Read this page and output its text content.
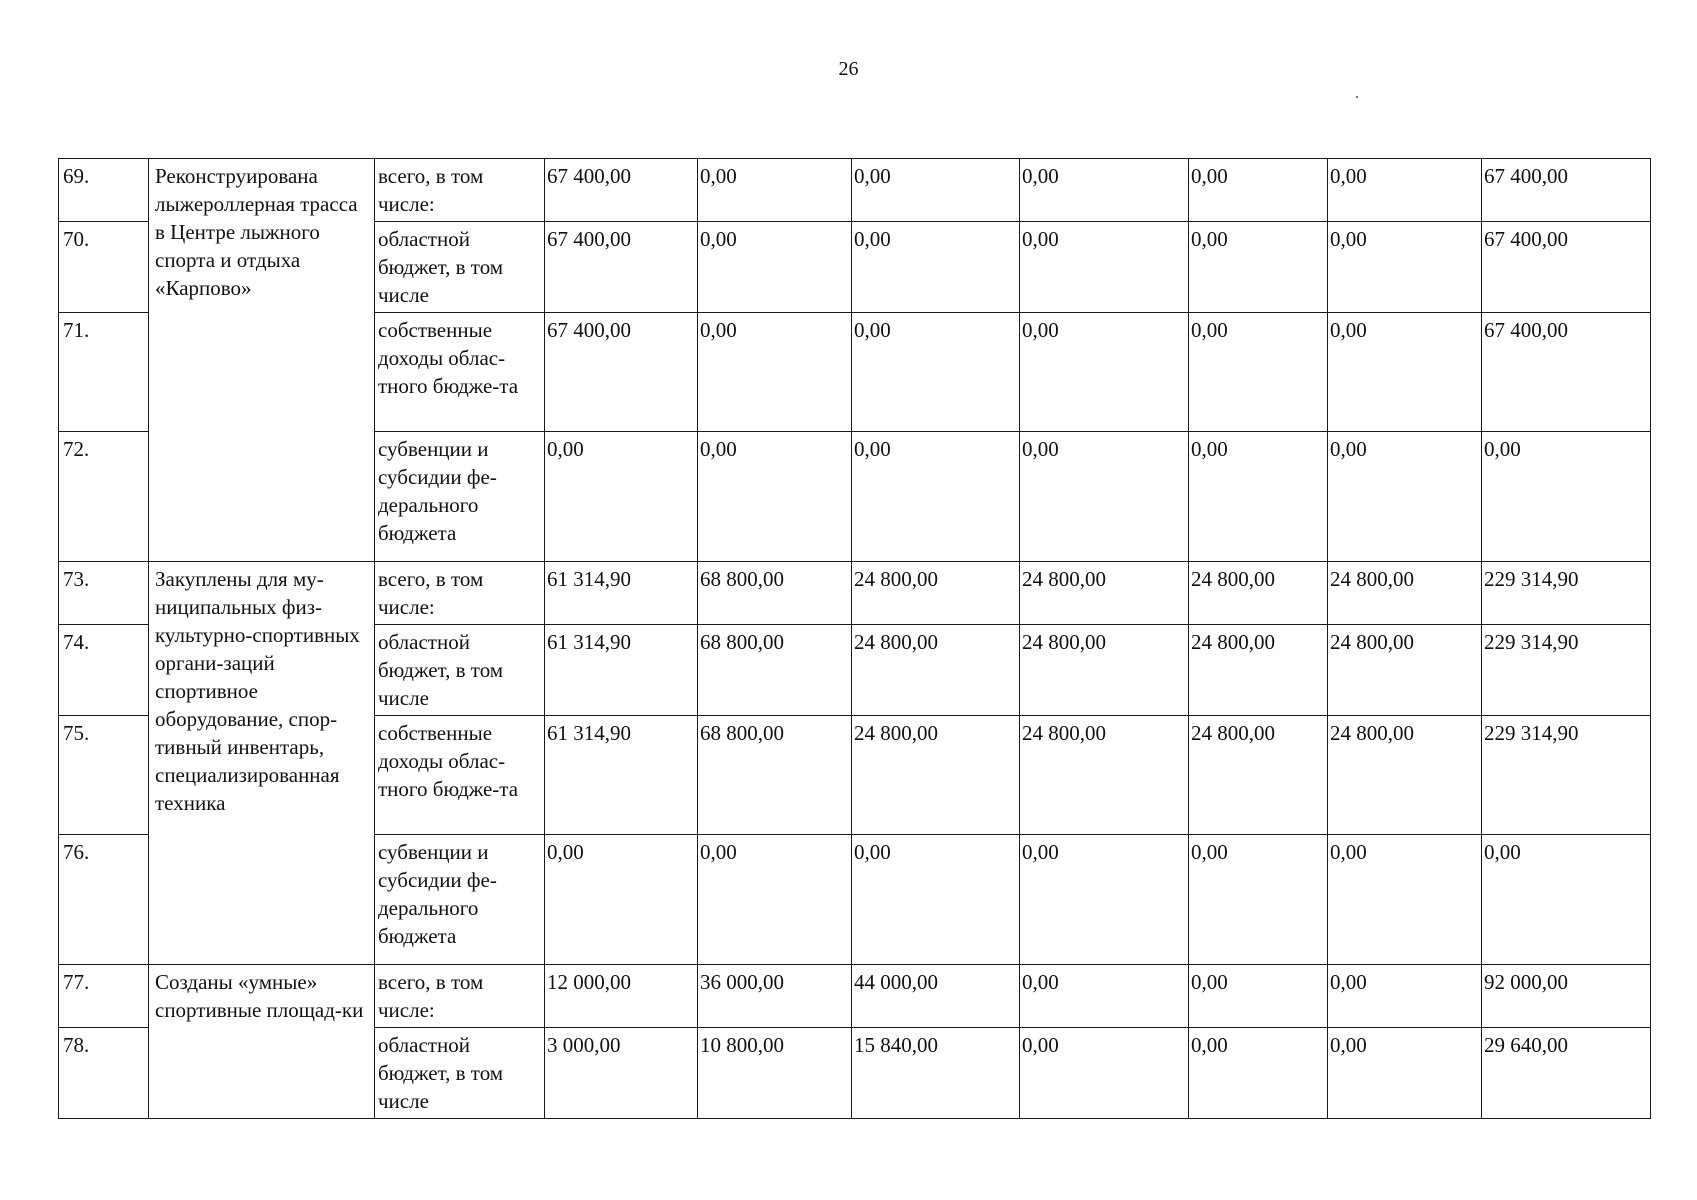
26
69.	Реконструирована лыжероллерная трасса в Центре лыжного спорта и отдыха «Карпово»	всего, в том числе:	67 400,00	0,00	0,00	0,00	0,00	0,00	67 400,00
70.		областной бюджет, в том числе	67 400,00	0,00	0,00	0,00	0,00	0,00	67 400,00
71.		собственные доходы облас-тного бюдже-та	67 400,00	0,00	0,00	0,00	0,00	0,00	67 400,00
72.		субвенции и субсидии фе-дерального бюджета	0,00	0,00	0,00	0,00	0,00	0,00	0,00
73.	Закуплены для му-ниципальных физ-культурно-спортивных органи-заций спортивное оборудование, спор-тивный инвентарь, специализированная техника	всего, в том числе:	61 314,90	68 800,00	24 800,00	24 800,00	24 800,00	24 800,00	229 314,90
74.		областной бюджет, в том числе	61 314,90	68 800,00	24 800,00	24 800,00	24 800,00	24 800,00	229 314,90
75.		собственные доходы облас-тного бюдже-та	61 314,90	68 800,00	24 800,00	24 800,00	24 800,00	24 800,00	229 314,90
76.		субвенции и субсидии фе-дерального бюджета	0,00	0,00	0,00	0,00	0,00	0,00	0,00
77.	Созданы «умные» спортивные площад-ки	всего, в том числе:	12 000,00	36 000,00	44 000,00	0,00	0,00	0,00	92 000,00
78.		областной бюджет, в том числе	3 000,00	10 800,00	15 840,00	0,00	0,00	0,00	29 640,00
